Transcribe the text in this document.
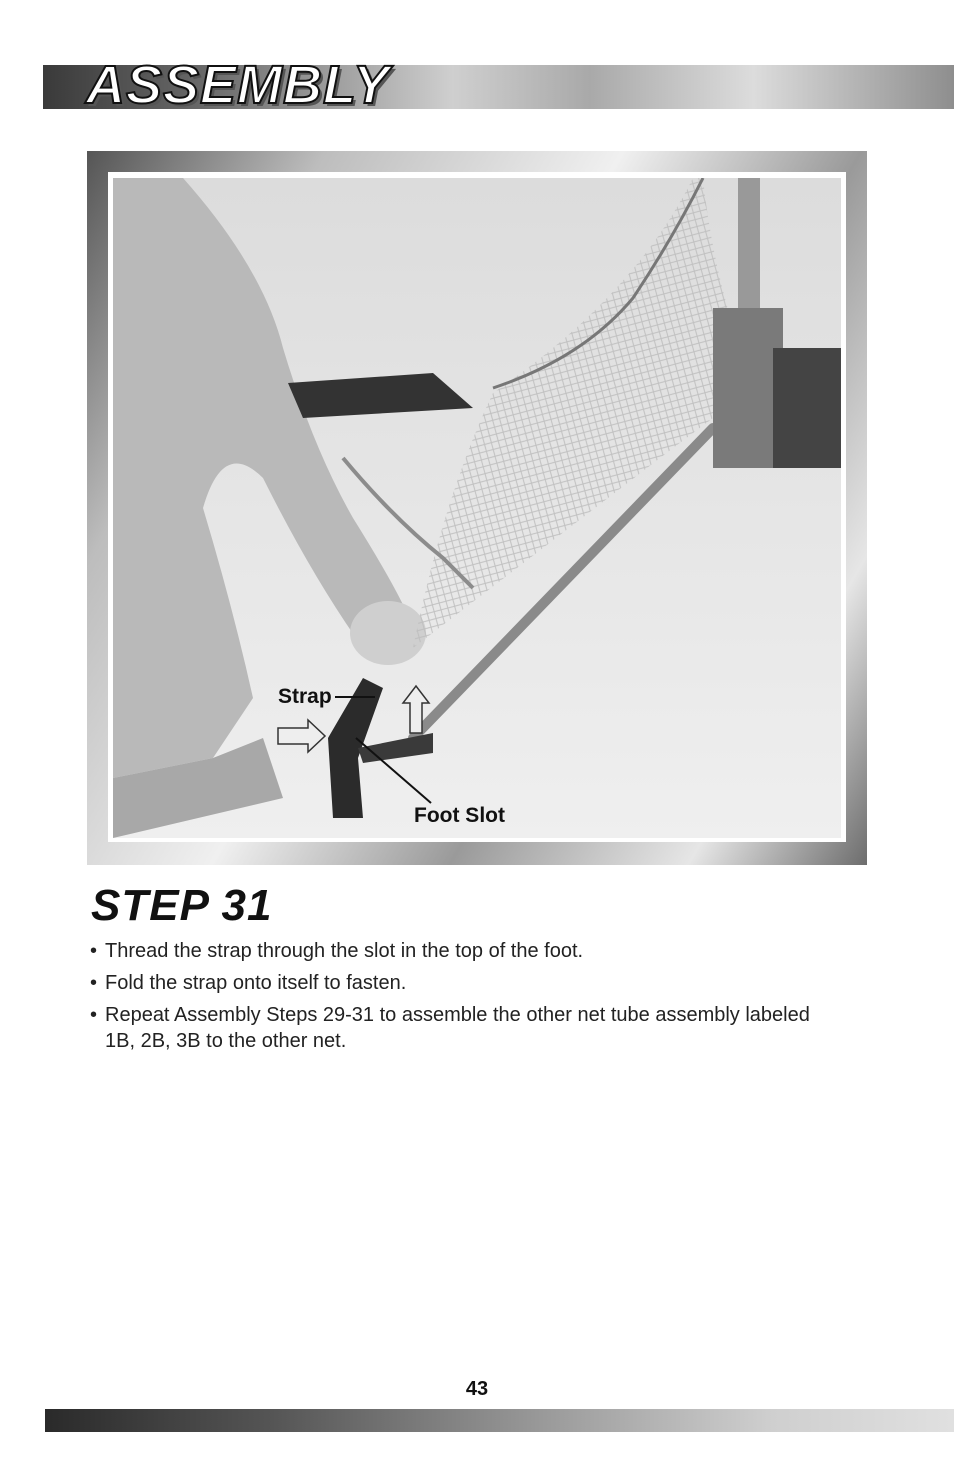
ASSEMBLY
Strap
Foot Slot
STEP 31
• Thread the strap through the slot in the top of the foot.
• Fold the strap onto itself to fasten.
• Repeat Assembly Steps 29-31 to assemble the other net tube assembly labeled 1B, 2B, 3B to the other net.
43
